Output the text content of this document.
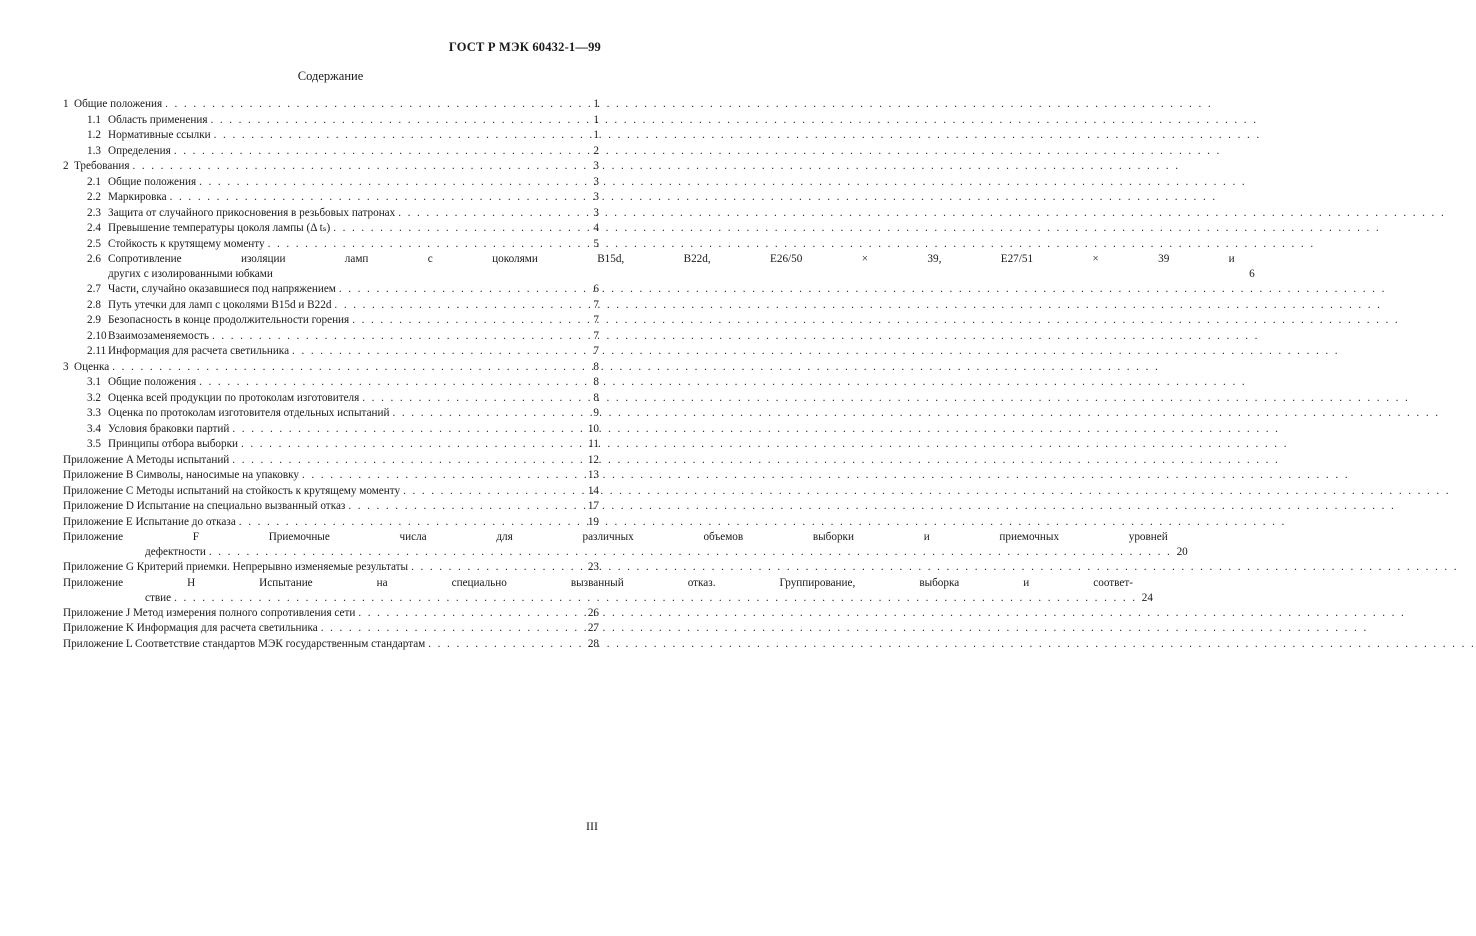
ГОСТ Р МЭК 60432-1—99
Содержание
1 Общие положения . . .	1
1.1 Область применения . . .	1
1.2 Нормативные ссылки . . .	1
1.3 Определения . . .	2
2 Требования . . .	3
2.1 Общие положения . . .	3
2.2 Маркировка . . .	3
2.3 Защита от случайного прикосновения в резьбовых патронах . . .	3
2.4 Превышение температуры цоколя лампы (Δ tₛ) . . .	4
2.5 Стойкость к крутящему моменту . . .	5
2.6 Сопротивление изоляции ламп с цоколями B15d, B22d, E26/50 × 39, E27/51 × 39 и
других с изолированными юбками	6
2.7 Части, случайно оказавшиеся под напряжением . . .	6
2.8 Путь утечки для ламп с цоколями B15d и B22d . . .	7
2.9 Безопасность в конце продолжительности горения . . .	7
2.10 Взаимозаменяемость . . .	7
2.11 Информация для расчета светильника . . .	7
3 Оценка . . .	8
3.1 Общие положения . . .	8
3.2 Оценка всей продукции по протоколам изготовителя . . .	8
3.3 Оценка по протоколам изготовителя отдельных испытаний . . .	9
3.4 Условия браковки партий . . .	10
3.5 Принципы отбора выборки . . .	11
Приложение A Методы испытаний . . .	12
Приложение B Символы, наносимые на упаковку . . .	13
Приложение C Методы испытаний на стойкость к крутящему моменту . . .	14
Приложение D Испытание на специально вызванный отказ . . .	17
Приложение E Испытание до отказа . . .	19
Приложение F Приемочные числа для различных объемов выборки и приемочных уровней
дефектности . . .	20
Приложение G Критерий приемки. Непрерывно изменяемые результаты . . .	23
Приложение H Испытание на специально вызванный отказ. Группирование, выборка и соответ-
ствие . . .	24
Приложение J Метод измерения полного сопротивления сети . . .	26
Приложение K Информация для расчета светильника . . .	27
Приложение L Соответствие стандартов МЭК государственным стандартам . . .	28
III
